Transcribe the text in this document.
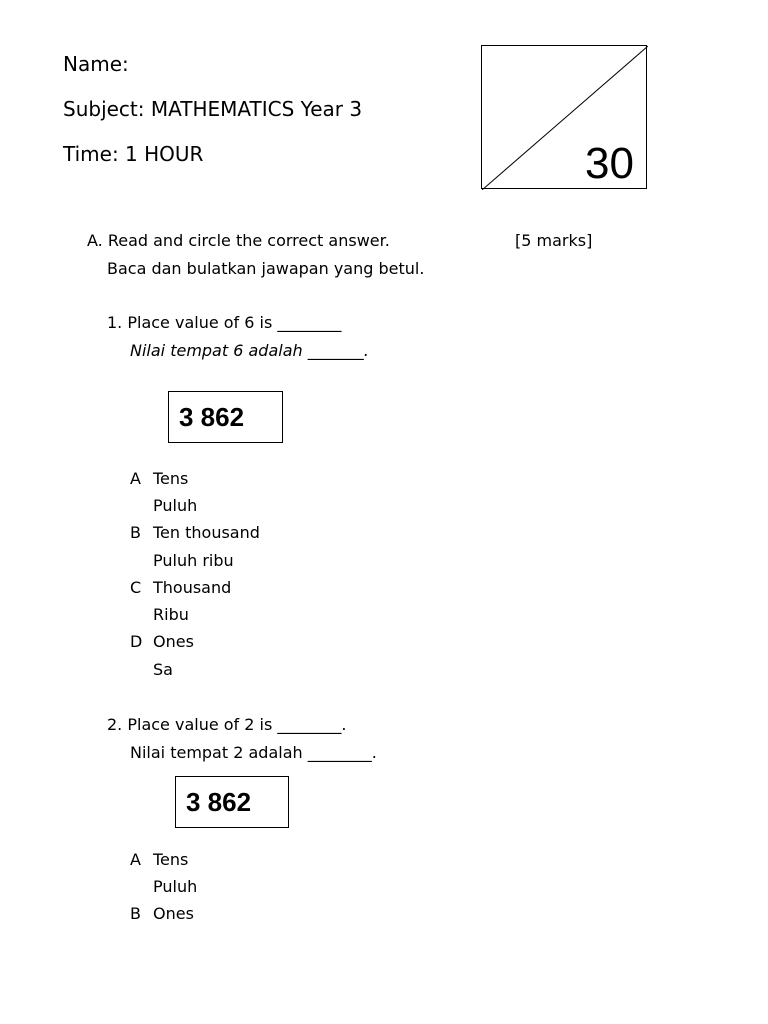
Name:
Subject: MATHEMATICS Year 3
Time: 1 HOUR	30
A. Read and circle the correct answer.	[5 marks]
Baca dan bulatkan jawapan yang betul.
1. Place value of 6 is ________
Nilai tempat 6 adalah _______.
3 862
A Tens
Puluh
B Ten thousand
Puluh ribu
C Thousand
Ribu
D Ones
Sa
2. Place value of 2 is ________.
Nilai tempat 2 adalah ________.
3 862
A Tens
Puluh
B Ones
